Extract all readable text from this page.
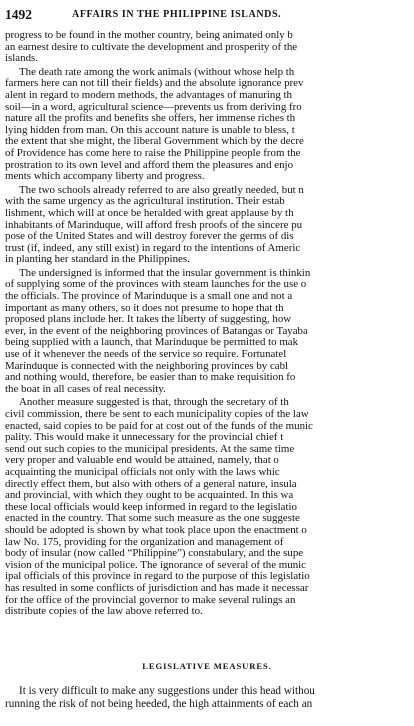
1492	AFFAIRS IN THE PHILIPPINE ISLANDS.
progress to be found in the mother country, being animated only b
an earnest desire to cultivate the development and prosperity of the
islands.
The death rate among the work animals (without whose help th
farmers here can not till their fields) and the absolute ignorance prev
alent in regard to modern methods, the advantages of manuring th
soil—in a word, agricultural science—prevents us from deriving fro
nature all the profits and benefits she offers, her immense riches th
lying hidden from man. On this account nature is unable to bless, t
the extent that she might, the liberal Government which by the decre
of Providence has come here to raise the Philippine people from the
prostration to its own level and afford them the pleasures and enjo
ments which accompany liberty and progress.
The two schools already referred to are also greatly needed, but n
with the same urgency as the agricultural institution. Their estab
lishment, which will at once be heralded with great applause by th
inhabitants of Marinduque, will afford fresh proofs of the sincere pu
pose of the United States and will destroy forever the germs of dis
trust (if, indeed, any still exist) in regard to the intentions of Americ
in planting her standard in the Philippines.
The undersigned is informed that the insular government is thinkin
of supplying some of the provinces with steam launches for the use o
the officials. The province of Marinduque is a small one and not a
important as many others, so it does not presume to hope that th
proposed plans include her. It takes the liberty of suggesting, how
ever, in the event of the neighboring provinces of Batangas or Tayaba
being supplied with a launch, that Marinduque be permitted to mak
use of it whenever the needs of the service so require. Fortunatel
Marinduque is connected with the neighboring provinces by cabl
and nothing would, therefore, be easier than to make requisition fo
the boat in all cases of real necessity.
Another measure suggested is that, through the secretary of th
civil commission, there be sent to each municipality copies of the law
enacted, said copies to be paid for at cost out of the funds of the munic
pality. This would make it unnecessary for the provincial chief t
send out such copies to the municipal presidents. At the same time
very proper and valuable end would be attained, namely, that o
acquainting the municipal officials not only with the laws whic
directly effect them, but also with others of a general nature, insula
and provincial, with which they ought to be acquainted. In this wa
these local officials would keep informed in regard to the legislatio
enacted in the country. That some such measure as the one suggeste
should be adopted is shown by what took place upon the enactment o
law No. 175, providing for the organization and management of
body of insular (now called “Philippine”) constabulary, and the supe
vision of the municipal police. The ignorance of several of the munic
ipal officials of this province in regard to the purpose of this legislatio
has resulted in some conflicts of jurisdiction and has made it necessar
for the office of the provincial governor to make several rulings an
distribute copies of the law above referred to.
LEGISLATIVE MEASURES.
It is very difficult to make any suggestions under this head withou
running the risk of not being heeded, the high attainments of each an
